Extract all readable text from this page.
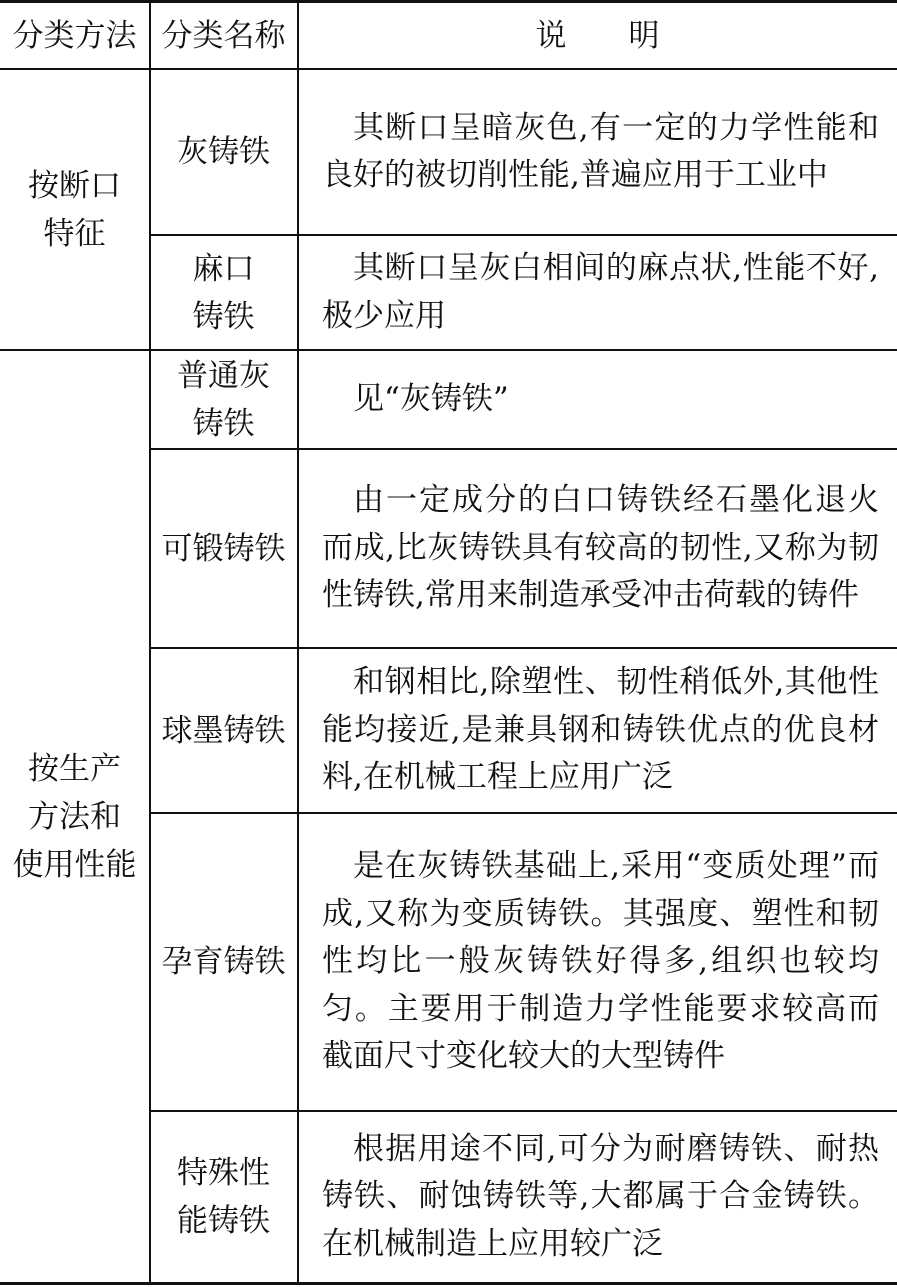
分类方法 分类名称	说明
按断口
特征
灰铸铁

其断口呈暗灰色,有一定的力学性能和良好的被切削性能,普遍应用于工业中

麻口
铸铁

其断口呈灰白相间的麻点状,性能不好,极少应用

按生产
方法和
使用性能
普通灰
铸铁

见“灰铸铁”

可锻铸铁

由一定成分的白口铸铁经石墨化退火而成,比灰铸铁具有较高的韧性,又称为韧性铸铁,常用来制造承受冲击荷载的铸件

球墨铸铁

和钢相比,除塑性、韧性稍低外,其他性能均接近,是兼具钢和铸铁优点的优良材料,在机械工程上应用广泛

孕育铸铁

是在灰铸铁基础上,采用“变质处理”而成,又称为变质铸铁。其强度、塑性和韧性均比一般灰铸铁好得多,组织也较均匀。主要用于制造力学性能要求较高而截面尺寸变化较大的大型铸件

特殊性
能铸铁

根据用途不同,可分为耐磨铸铁、耐热铸铁、耐蚀铸铁等,大都属于合金铸铁。在机械制造上应用较广泛
